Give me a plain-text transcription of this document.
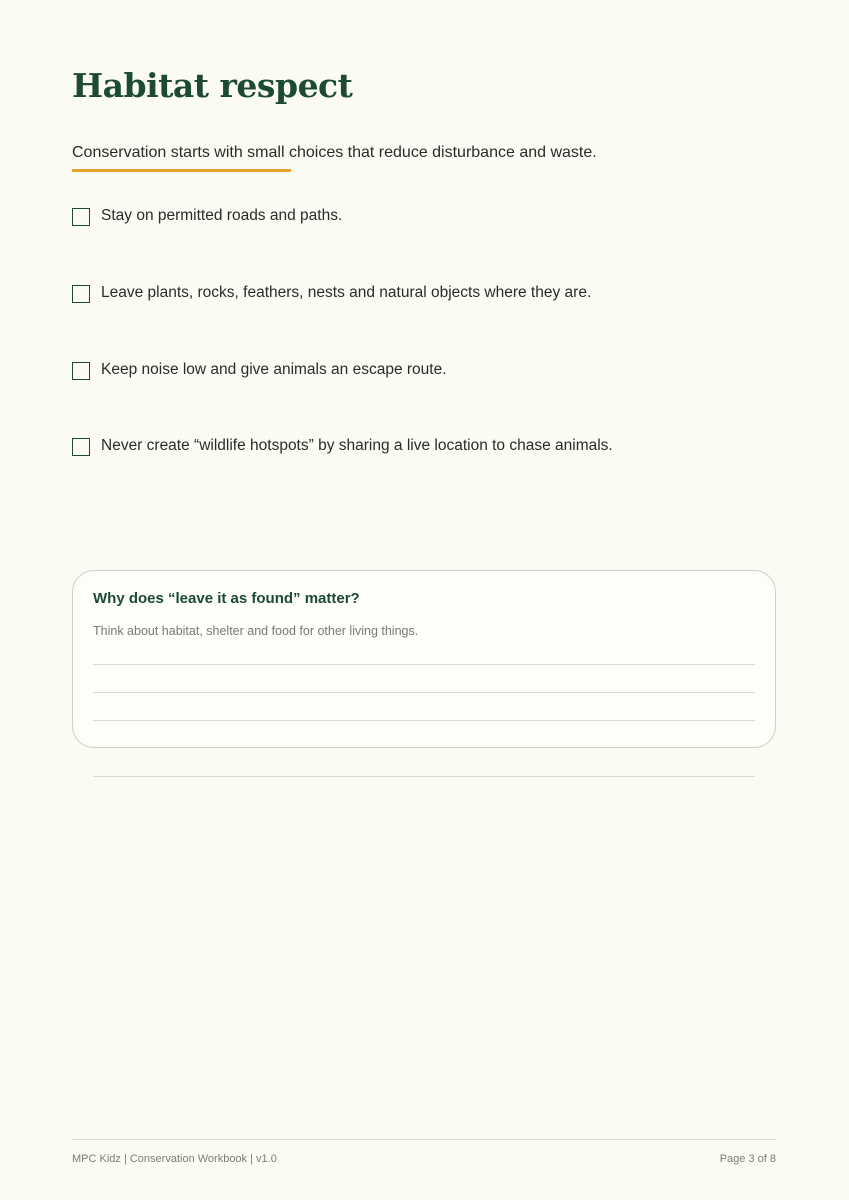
Habitat respect

Conservation starts with small choices that reduce disturbance and waste.

Stay on permitted roads and paths.
Leave plants, rocks, feathers, nests and natural objects where they are.
Keep noise low and give animals an escape route.
Never create “wildlife hotspots” by sharing a live location to chase animals.

Why does “leave it as found” matter?

Think about habitat, shelter and food for other living things.

MPC Kidz | Conservation Workbook | v1.0	Page 3 of 8
